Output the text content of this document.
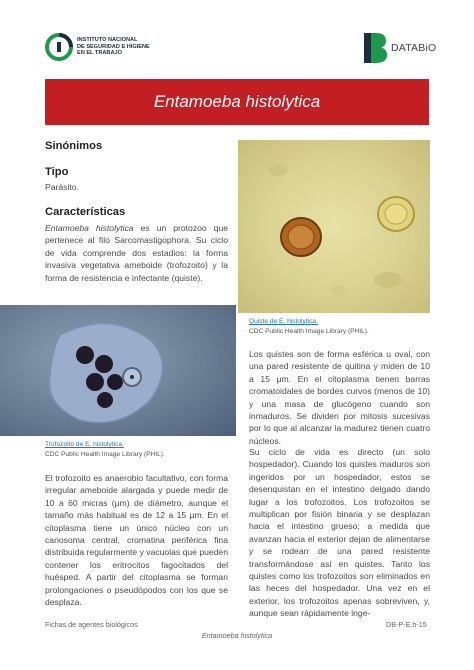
INSTITUTO NACIONAL
DE SEGURIDAD E HIGIENE
EN EL TRABAJO	DATABiO
Entamoeba histolytica
Sinónimos
Tipo
Parásito.
Características
Entamoeba histolytica es un protozoo que pertenece al filo Sarcomastigophora. Su ciclo de vida comprende dos estadios: la forma invasiva vegetativa ameboide (trofozoito) y la forma de resistencia e infectante (quiste).
Quiste de E. histolytica.
CDC Public Health Image Library (PHIL).
Trofozoito de E. histolytica.
CDC Public Health Image Library (PHIL).
El trofozoito es anaerobio facultativo, con forma irregular ameboide alargada y puede medir de 10 a 60 micras (μm) de diámetro, aunque el tamaño más habitual es de 12 a 15 μm. En el citoplasma tiene un único núcleo con un cariosoma central, cromatina periférica fina distribuida regularmente y vacuolas que pueden contener los eritrocitos fagocitados del huésped. A partir del citoplasma se forman prolongaciones o pseudópodos con los que se desplaza.
Los quistes son de forma esférica u oval, con una pared resistente de quitina y miden de 10 a 15 μm. En el citoplasma tienen barras cromatoidales de bordes curvos (menos de 10) y una masa de glucógeno cuando son inmaduros. Se dividen por mitosis sucesivas por lo que al alcanzar la madurez tienen cuatro núcleos.
Su ciclo de vida es directo (un solo hospedador). Cuando los quistes maduros son ingeridos por un hospedador, estos se desenquistan en el intestino delgado dando lugar a los trofozoitos. Los trofozoitos se multiplican por fisión binaria y se desplazan hacia el intestino grueso; a medida que avanzan hacia el exterior dejan de alimentarse y se rodean de una pared resistente transformándose así en quistes. Tanto los quistes como los trofozoitos son eliminados en las heces del hospedador. Una vez en el exterior, los trofozoitos apenas sobreviven, y, aunque sean rápidamente inge-
Fichas de agentes biológicos	DB-P-E.h-15
Entamoeba histolytica
